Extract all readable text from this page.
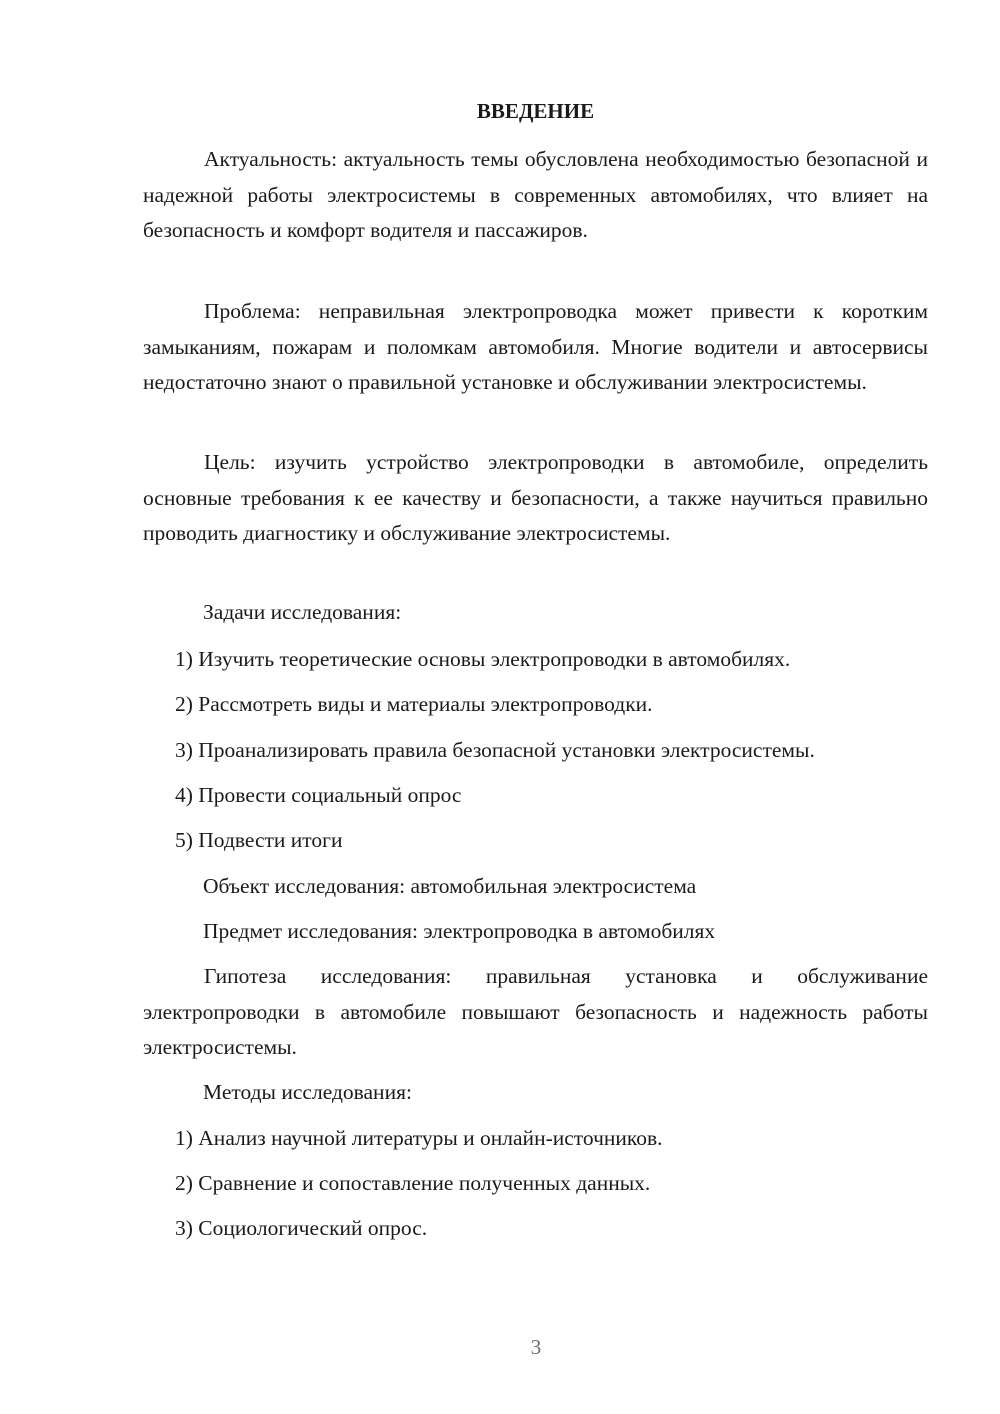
ВВЕДЕНИЕ

Актуальность: актуальность темы обусловлена необходимостью безопасной и надежной работы электросистемы в современных автомобилях, что влияет на безопасность и комфорт водителя и пассажиров.

Проблема: неправильная электропроводка может привести к коротким замыканиям, пожарам и поломкам автомобиля. Многие водители и автосервисы недостаточно знают о правильной установке и обслуживании электросистемы.

Цель: изучить устройство электропроводки в автомобиле, определить основные требования к ее качеству и безопасности, а также научиться правильно проводить диагностику и обслуживание электросистемы.

Задачи исследования:

1) Изучить теоретические основы электропроводки в автомобилях.

2) Рассмотреть виды и материалы электропроводки.

3) Проанализировать правила безопасной установки электросистемы.

4) Провести социальный опрос

5) Подвести итоги

Объект исследования: автомобильная электросистема

Предмет исследования: электропроводка в автомобилях

Гипотеза исследования: правильная установка и обслуживание электропроводки в автомобиле повышают безопасность и надежность работы электросистемы.

Методы исследования:

1) Анализ научной литературы и онлайн-источников.

2) Сравнение и сопоставление полученных данных.

3) Социологический опрос.

3
